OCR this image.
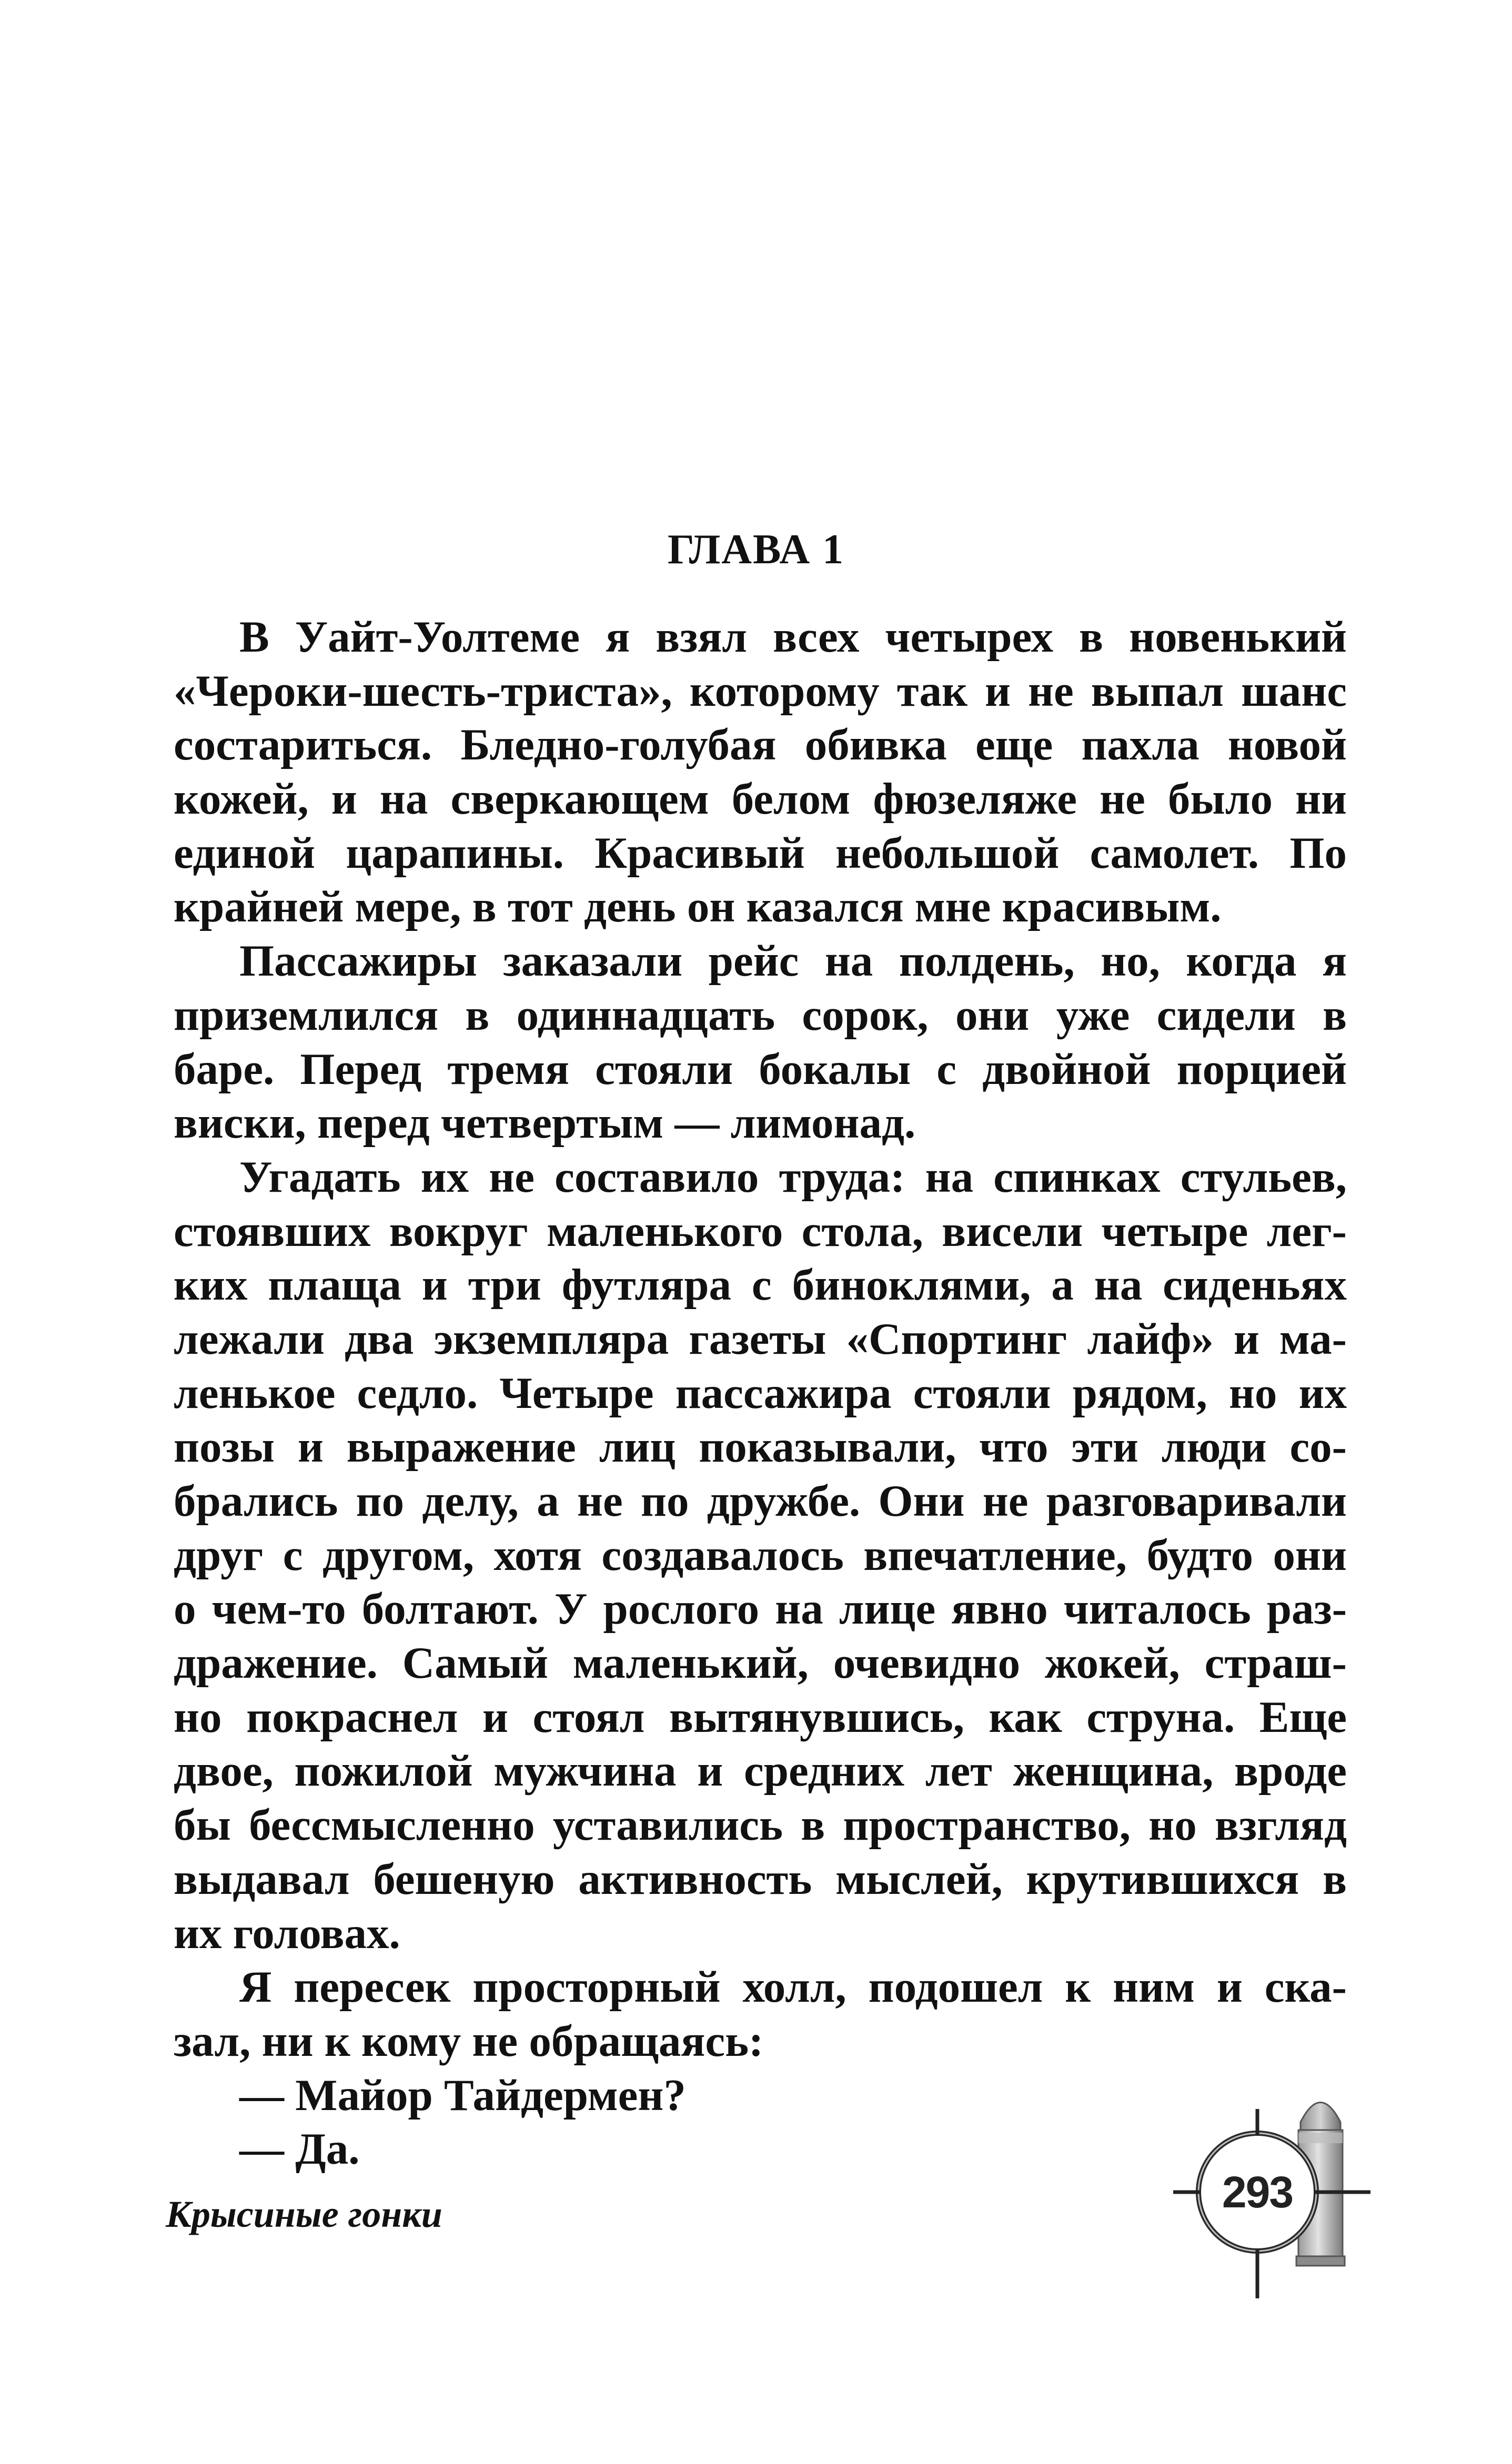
ГЛАВА 1
В Уайт-Уолтеме я взял всех четырех в новенький
«Чероки-шесть-триста», которому так и не выпал шанс
состариться. Бледно-голубая обивка еще пахла новой
кожей, и на сверкающем белом фюзеляже не было ни
единой царапины. Красивый небольшой самолет. По
крайней мере, в тот день он казался мне красивым.
Пассажиры заказали рейс на полдень, но, когда я
приземлился в одиннадцать сорок, они уже сидели в
баре. Перед тремя стояли бокалы с двойной порцией
виски, перед четвертым — лимонад.
Угадать их не составило труда: на спинках стульев,
стоявших вокруг маленького стола, висели четыре лег-
ких плаща и три футляра с биноклями, а на сиденьях
лежали два экземпляра газеты «Спортинг лайф» и ма-
ленькое седло. Четыре пассажира стояли рядом, но их
позы и выражение лиц показывали, что эти люди со-
брались по делу, а не по дружбе. Они не разговаривали
друг с другом, хотя создавалось впечатление, будто они
о чем-то болтают. У рослого на лице явно читалось раз-
дражение. Самый маленький, очевидно жокей, страш-
но покраснел и стоял вытянувшись, как струна. Еще
двое, пожилой мужчина и средних лет женщина, вроде
бы бессмысленно уставились в пространство, но взгляд
выдавал бешеную активность мыслей, крутившихся в
их головах.
Я пересек просторный холл, подошел к ним и ска-
зал, ни к кому не обращаясь:
— Майор Тайдермен?
— Да.
Крысиные гонки	293
